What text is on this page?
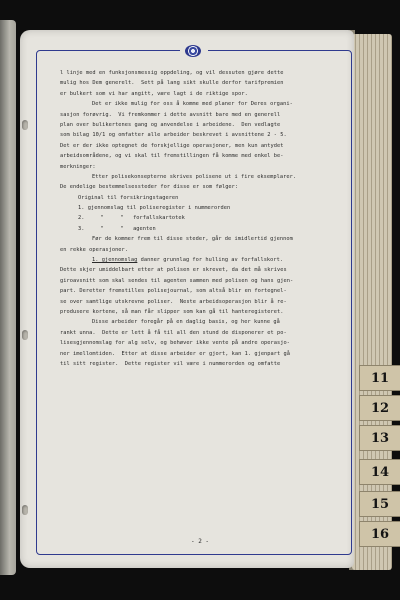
l linje med en funksjonsmessig oppdeling, og vil dessuten gjøre dette
mulig hos Dem generelt.  Sett på lang sikt skulle derfor tarifpremien
er bulkert som vi har angitt, være lagt i de riktige spor.
Det er ikke mulig for oss å komme med planer for Deres organi-
sasjon forøvrig.  Vi fremkommer i dette avsnitt bare med en generell
plan over bulikertenes gang og anvendelse i arbeidene.  Den vedlagte
som bilag 10/1 og omfatter alle arbeider beskrevet i avsnittene 2 - 5.
Det er der ikke optegnet de forskjellige operasjoner, men kun antydet
arbeidsområdene, og vi skal til fremstillingen få komme med enkel be-
merkninger:
Etter polisekonsepterne skrives polisene ut i fire eksemplarer.
De endelige bestemmelsessteder for disse er som følger:
Original til forsikringstageren
1. gjennomslag til poliseregister i nummerorden
2.     "     "   forfallskartotek
3.     "     "   agenten
Før de kommer frem til disse steder, går de imidlertid gjennom
en rekke operasjoner.
1. gjennomslag danner grunnlag for hulling av forfallskort.
Dette skjer umiddelbart etter at polisen er skrevet, da det må skrives
giroavsnitt som skal sendes til agenten sammen med polisen og hans gjen-
part. Deretter fremstilles polisejournal, som altså blir en fortegnel-
se over samtlige utskrevne poliser.  Neste arbeidsoperasjon blir å re-
produsere kortene, så man får slipper som kan gå til hanteregisteret.
Disse arbeider foregår på en daglig basis, og her kunne gå
rankt unna.  Dette er lett å få til all den stund de disponerer et po-
lisesgjennomslag for alg selv, og behøver ikke vente på andre operasjo-
ner imellomtiden.  Etter at disse arbeider er gjort, kan 1. gjenpart gå
til sitt register.  Dette register vil være i nummerorden og omfatte
- 2 -
11
12
13
14
15
16
